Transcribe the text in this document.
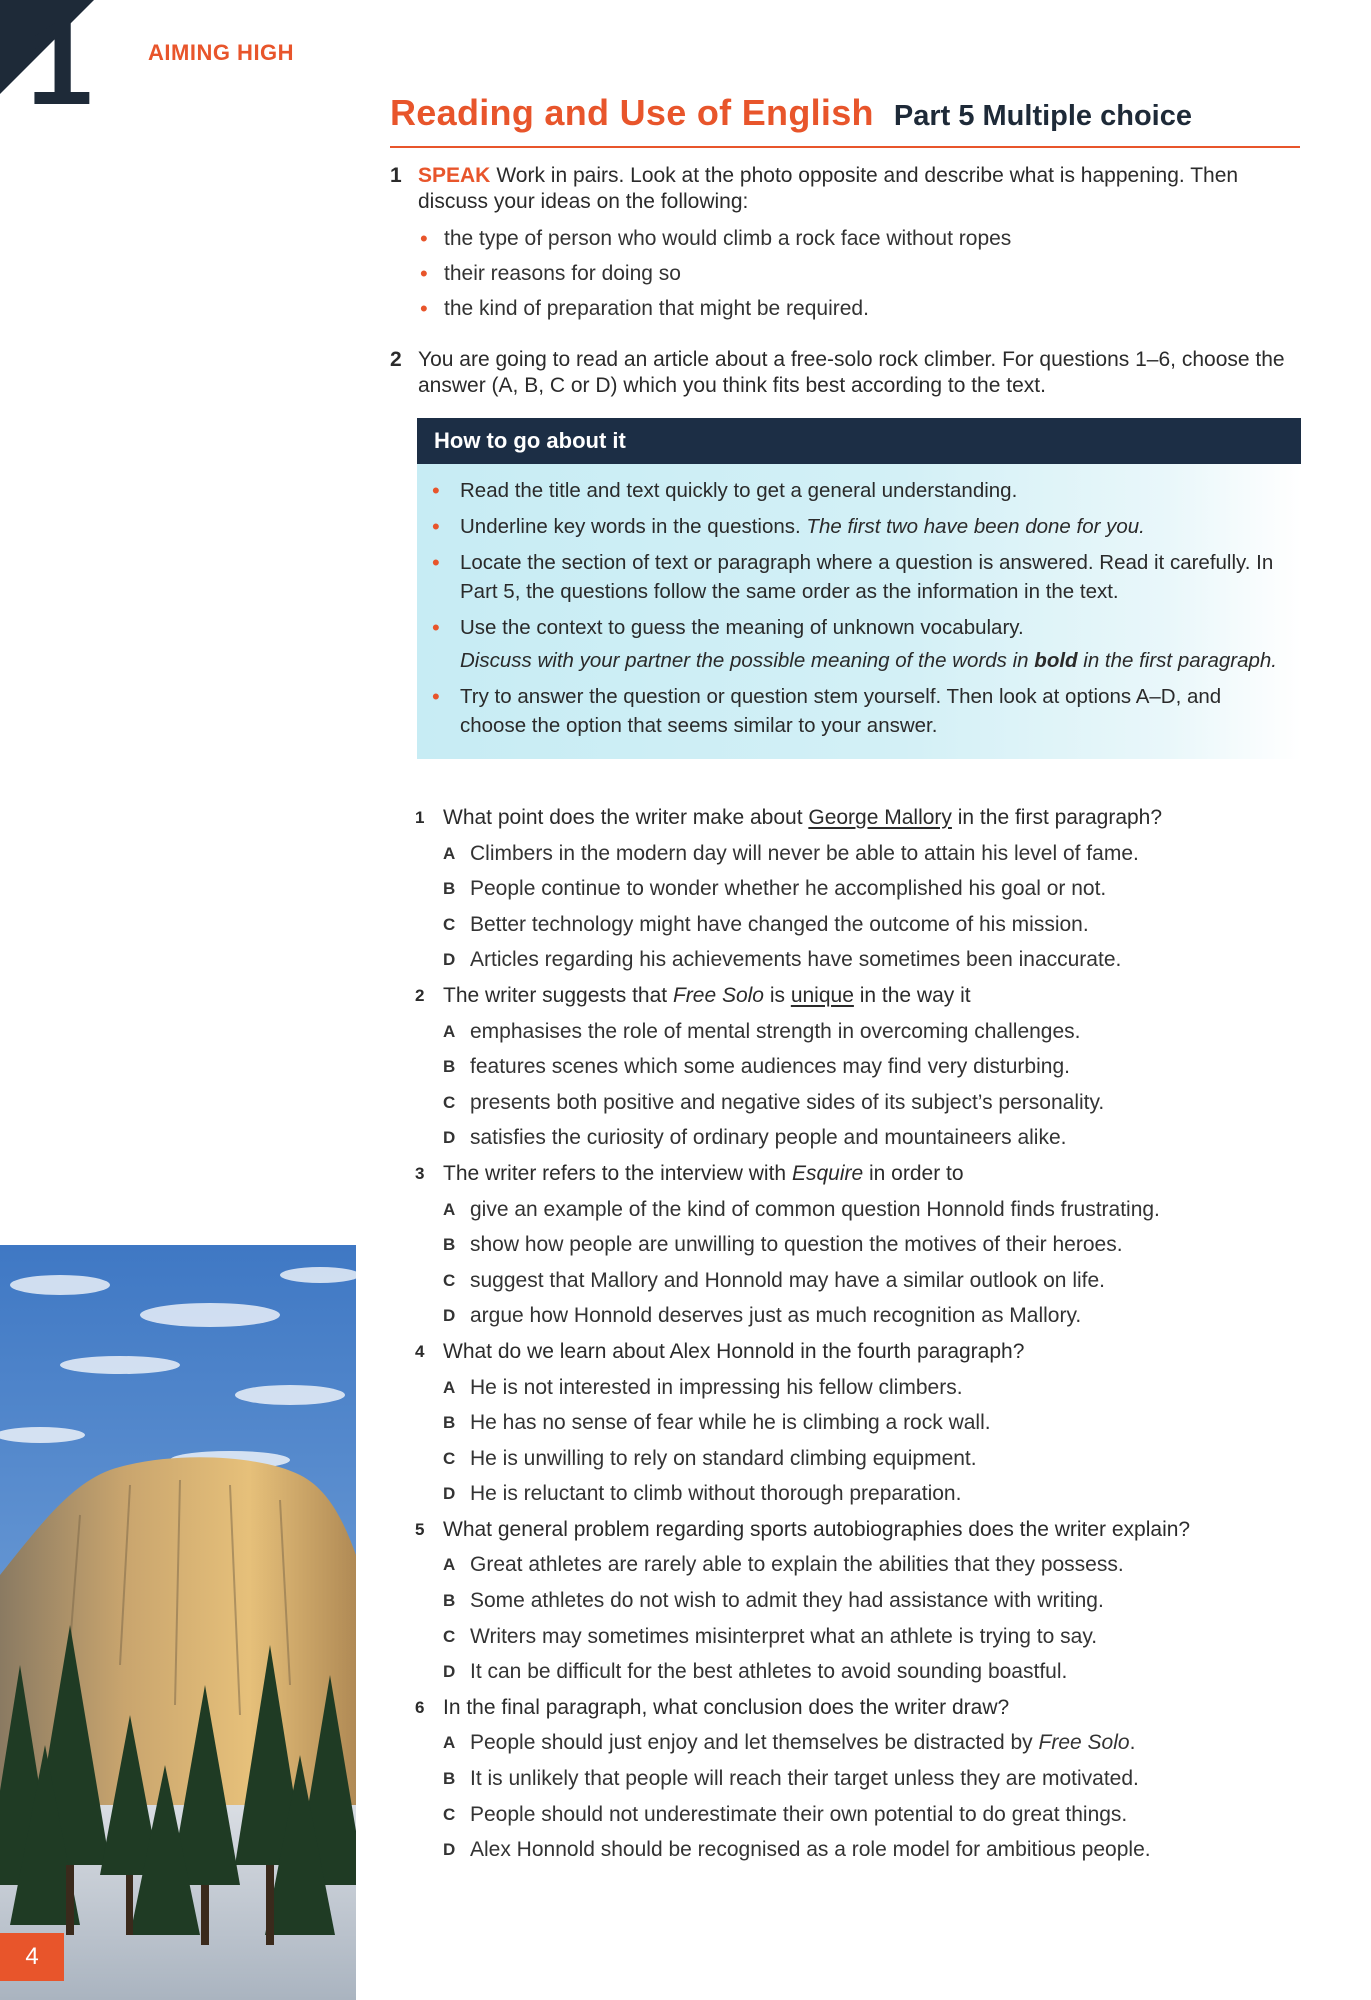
1	AIMING HIGH
Reading and Use of English Part 5 Multiple choice
1 SPEAK Work in pairs. Look at the photo opposite and describe what is happening. Then discuss your ideas on the following:

• the type of person who would climb a rock face without ropes
• their reasons for doing so
• the kind of preparation that might be required.
2 You are going to read an article about a free-solo rock climber. For questions 1–6, choose the answer (A, B, C or D) which you think fits best according to the text.

How to go about it
• Read the title and text quickly to get a general understanding.
• Underline key words in the questions. The first two have been done for you.
• Locate the section of text or paragraph where a question is answered. Read it carefully. In Part 5, the questions follow the same order as the information in the text.
• Use the context to guess the meaning of unknown vocabulary.
Discuss with your partner the possible meaning of the words in bold in the first paragraph.
• Try to answer the question or question stem yourself. Then look at options A–D, and choose the option that seems similar to your answer.
1 What point does the writer make about George Mallory in the first paragraph?
A Climbers in the modern day will never be able to attain his level of fame.
B People continue to wonder whether he accomplished his goal or not.
C Better technology might have changed the outcome of his mission.
D Articles regarding his achievements have sometimes been inaccurate.
2 The writer suggests that Free Solo is unique in the way it
A emphasises the role of mental strength in overcoming challenges.
B features scenes which some audiences may find very disturbing.
C presents both positive and negative sides of its subject’s personality.
D satisfies the curiosity of ordinary people and mountaineers alike.
3 The writer refers to the interview with Esquire in order to
A give an example of the kind of common question Honnold finds frustrating.
B show how people are unwilling to question the motives of their heroes.
C suggest that Mallory and Honnold may have a similar outlook on life.
D argue how Honnold deserves just as much recognition as Mallory.
4 What do we learn about Alex Honnold in the fourth paragraph?
A He is not interested in impressing his fellow climbers.
B He has no sense of fear while he is climbing a rock wall.
C He is unwilling to rely on standard climbing equipment.
D He is reluctant to climb without thorough preparation.
5 What general problem regarding sports autobiographies does the writer explain?
A Great athletes are rarely able to explain the abilities that they possess.
B Some athletes do not wish to admit they had assistance with writing.
C Writers may sometimes misinterpret what an athlete is trying to say.
D It can be difficult for the best athletes to avoid sounding boastful.
6 In the final paragraph, what conclusion does the writer draw?
A People should just enjoy and let themselves be distracted by Free Solo.
B It is unlikely that people will reach their target unless they are motivated.
C People should not underestimate their own potential to do great things.
D Alex Honnold should be recognised as a role model for ambitious people.
4
